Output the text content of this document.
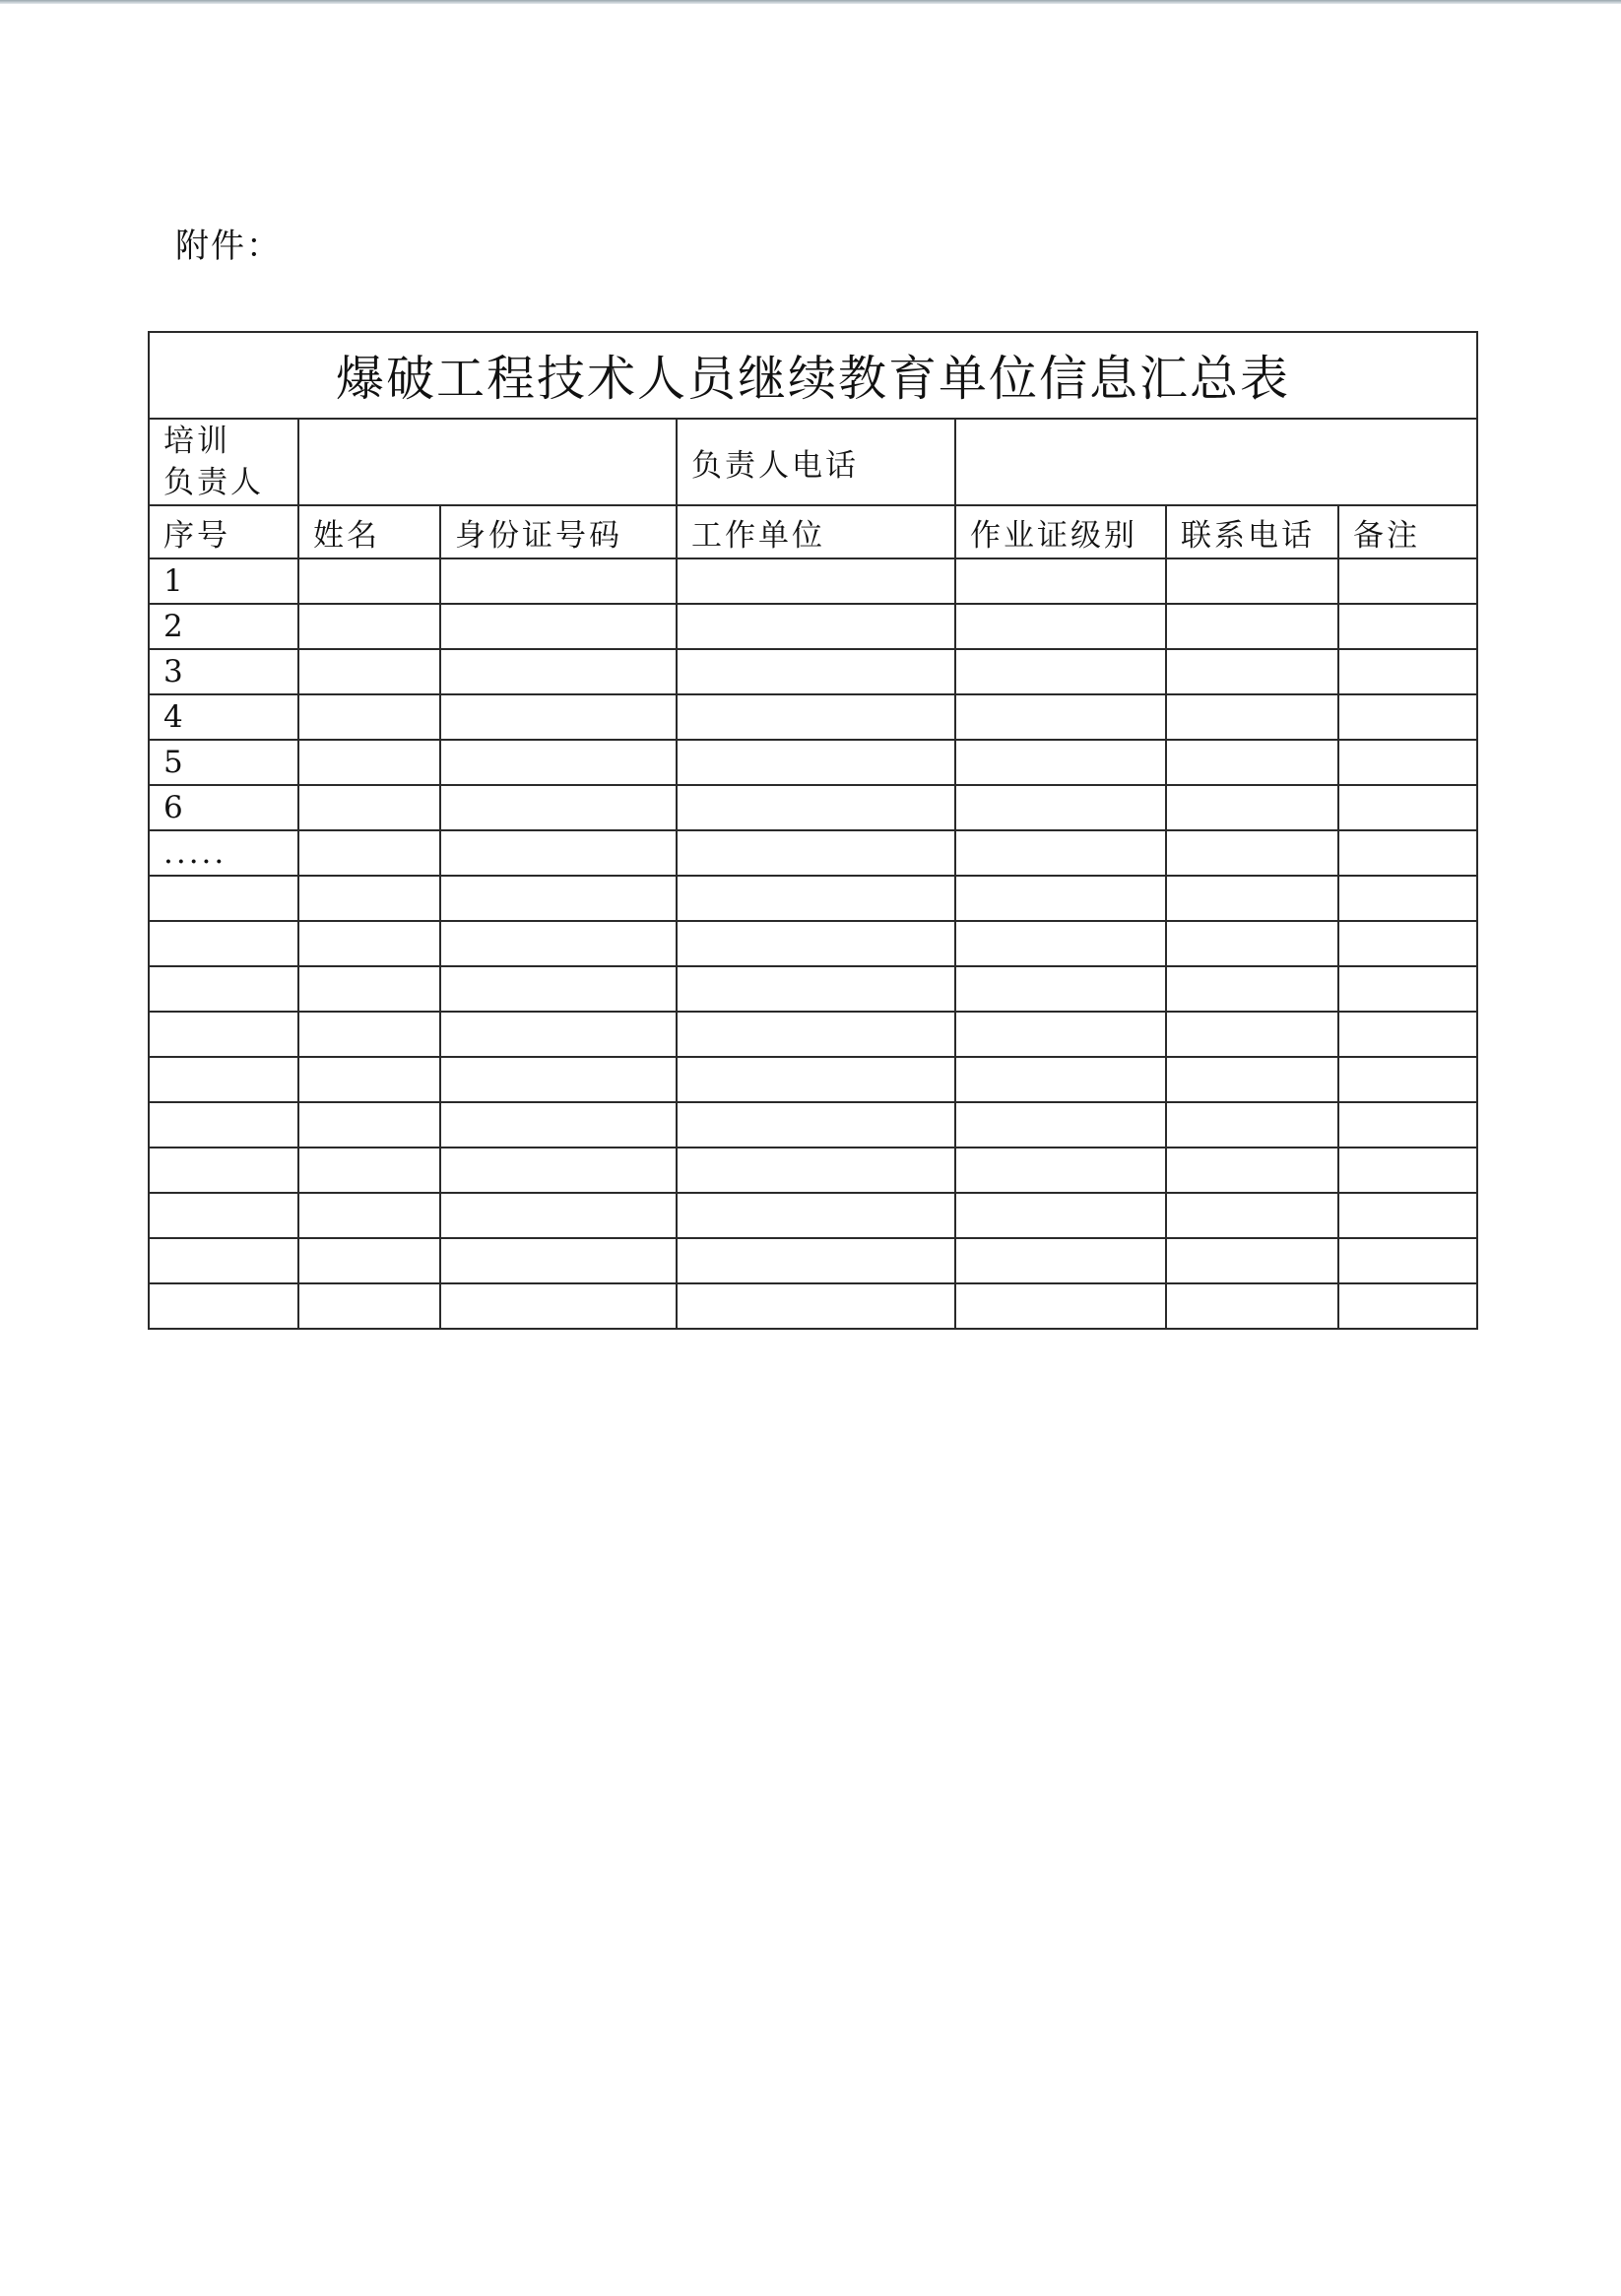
附件：
爆破工程技术人员继续教育单位信息汇总表						
培训
负责人			负责人电话			
序号	姓名	身份证号码	工作单位	作业证级别	联系电话	备注
1						
2						
3						
4						
5						
6						
.....						
